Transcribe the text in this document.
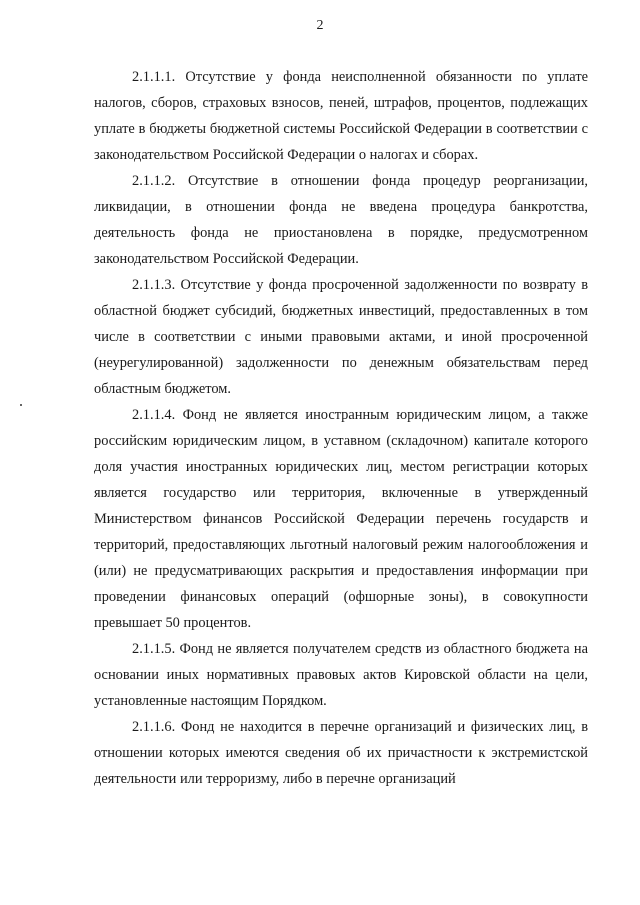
2

2.1.1.1. Отсутствие у фонда неисполненной обязанности по уплате налогов, сборов, страховых взносов, пеней, штрафов, процентов, подлежащих уплате в бюджеты бюджетной системы Российской Федерации в соответствии с законодательством Российской Федерации о налогах и сборах.

2.1.1.2. Отсутствие в отношении фонда процедур реорганизации, ликвидации, в отношении фонда не введена процедура банкротства, деятельность фонда не приостановлена в порядке, предусмотренном законодательством Российской Федерации.

2.1.1.3. Отсутствие у фонда просроченной задолженности по возврату в областной бюджет субсидий, бюджетных инвестиций, предоставленных в том числе в соответствии с иными правовыми актами, и иной просроченной (неурегулированной) задолженности по денежным обязательствам перед областным бюджетом.

2.1.1.4. Фонд не является иностранным юридическим лицом, а также российским юридическим лицом, в уставном (складочном) капитале которого доля участия иностранных юридических лиц, местом регистрации которых является государство или территория, включенные в утвержденный Министерством финансов Российской Федерации перечень государств и территорий, предоставляющих льготный налоговый режим налогообложения и (или) не предусматривающих раскрытия и предоставления информации при проведении финансовых операций (офшорные зоны), в совокупности превышает 50 процентов.

2.1.1.5. Фонд не является получателем средств из областного бюджета на основании иных нормативных правовых актов Кировской области на цели, установленные настоящим Порядком.

2.1.1.6. Фонд не находится в перечне организаций и физических лиц, в отношении которых имеются сведения об их причастности к экстремистской деятельности или терроризму, либо в перечне организаций
